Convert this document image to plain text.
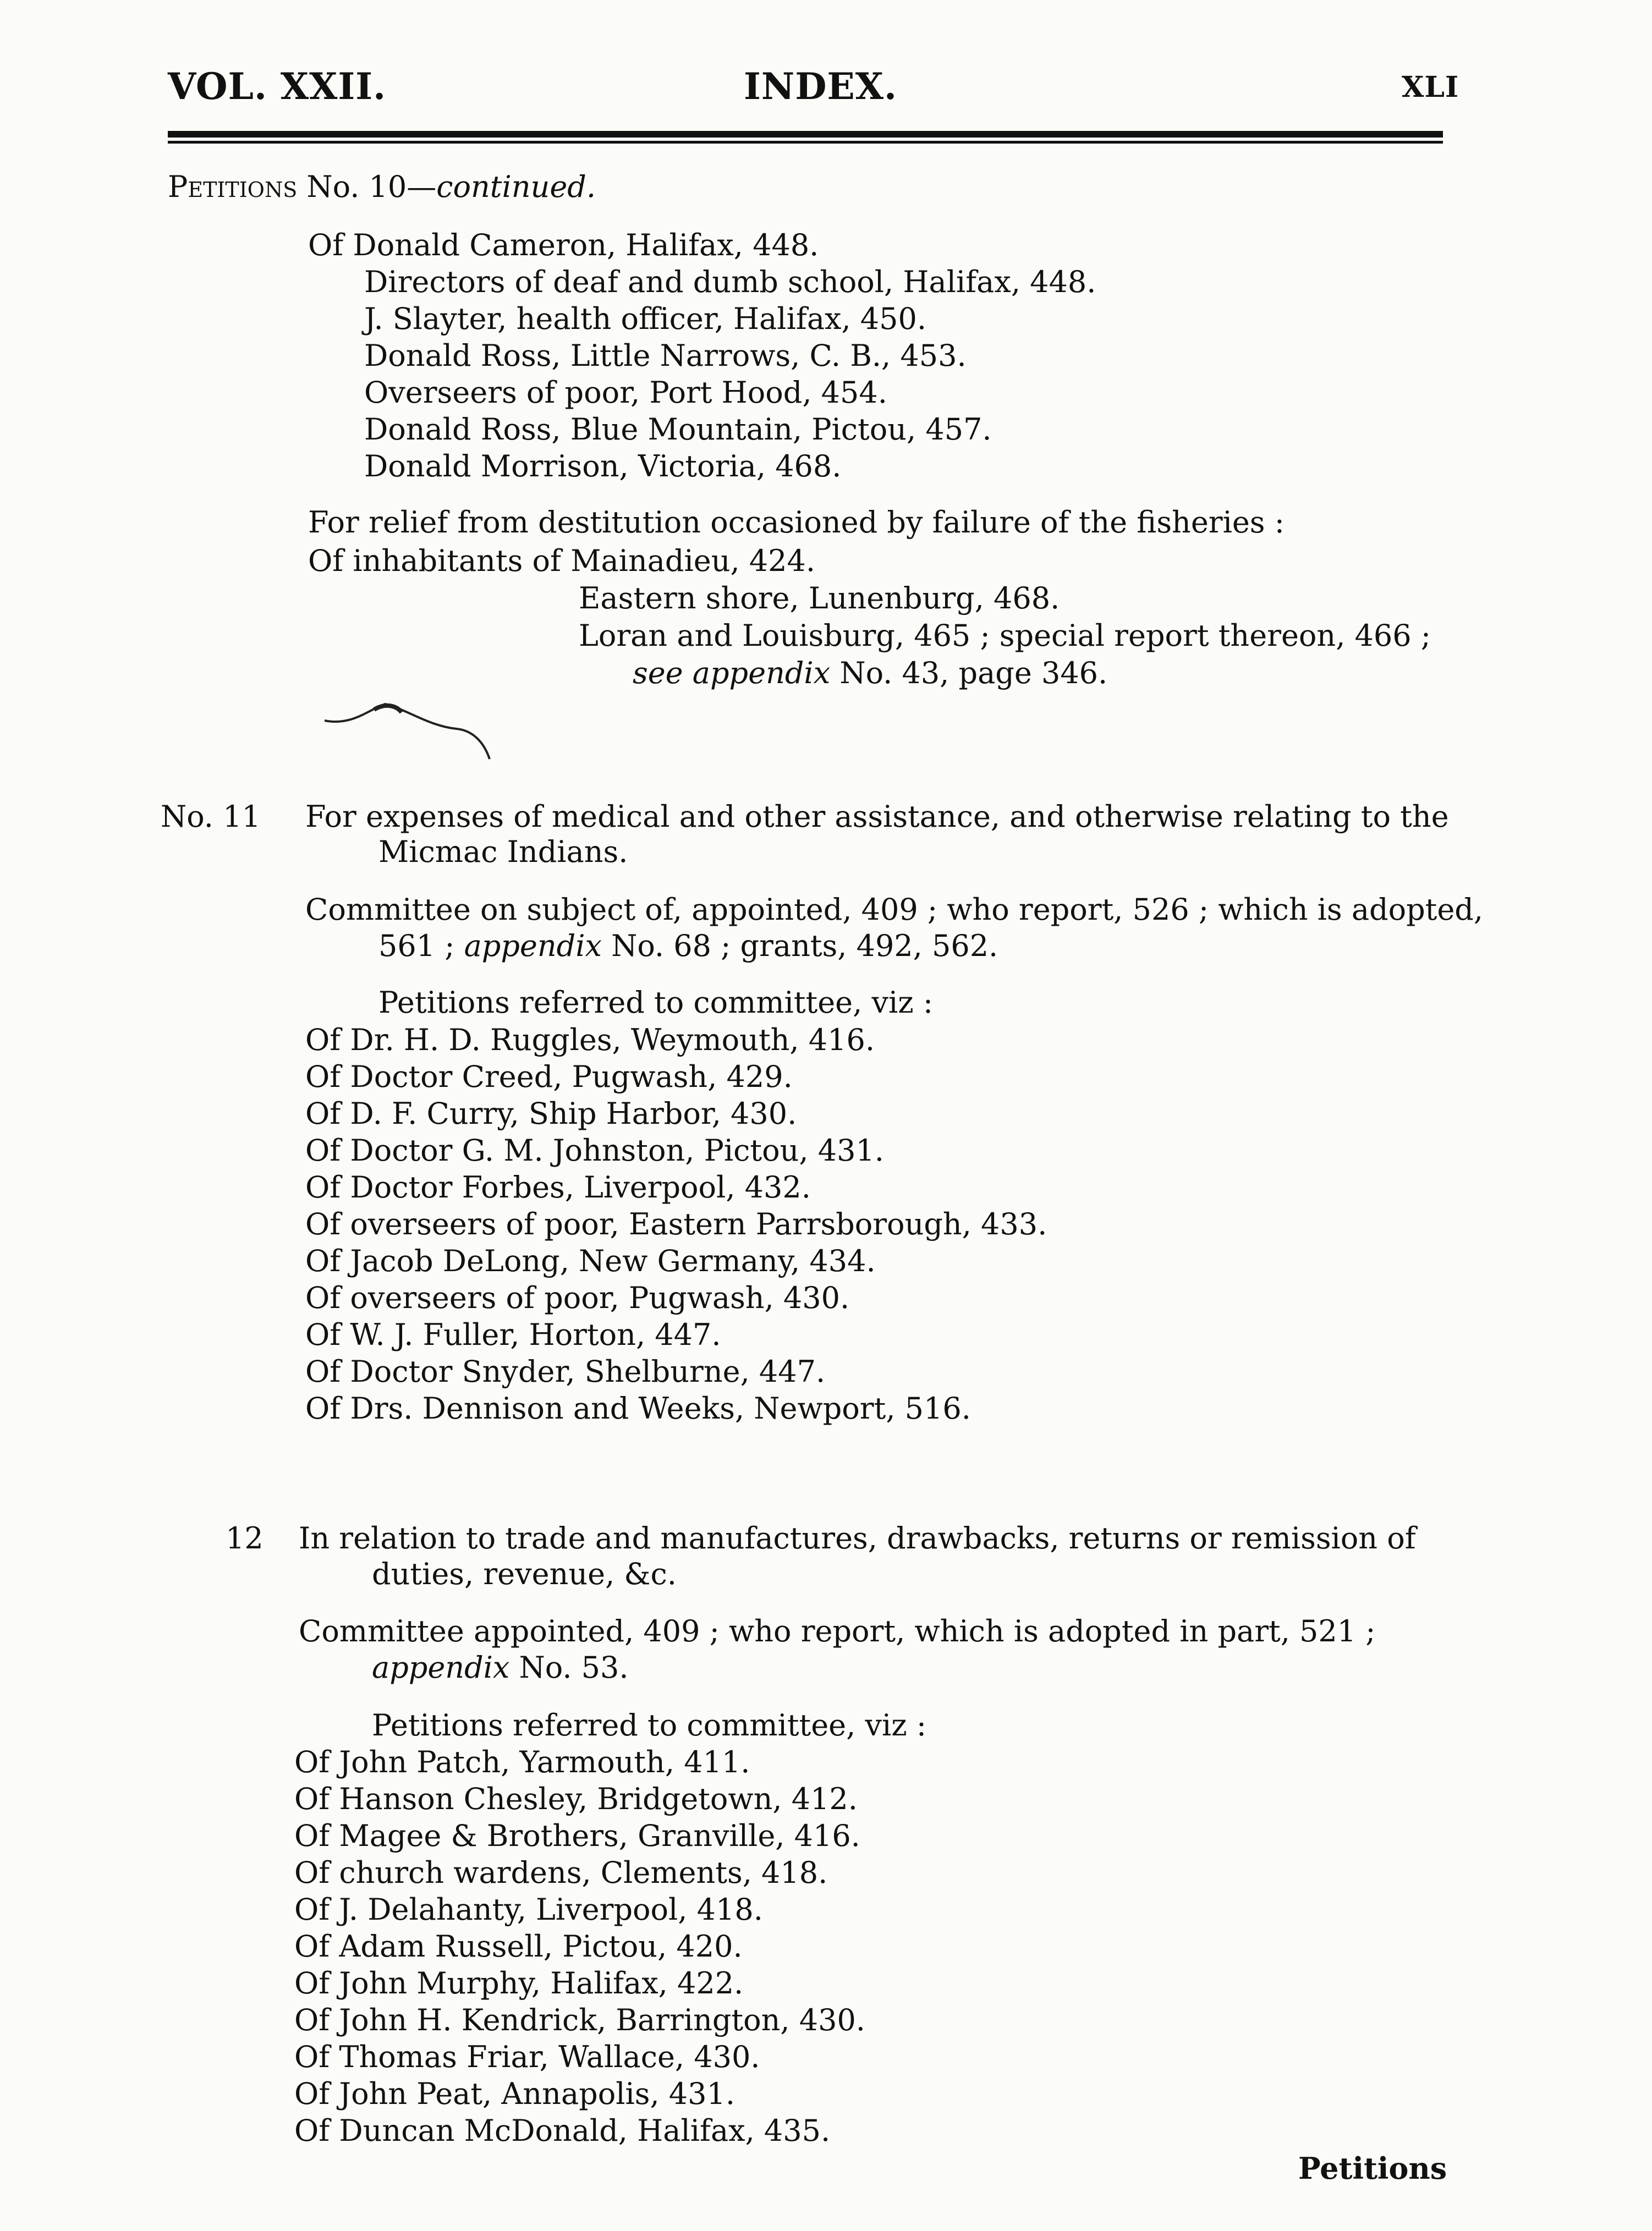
VOL. XXII.	INDEX.	XLI
Petitions No. 10—continued.
Of Donald Cameron, Halifax, 448.
Directors of deaf and dumb school, Halifax, 448.
J. Slayter, health officer, Halifax, 450.
Donald Ross, Little Narrows, C. B., 453.
Overseers of poor, Port Hood, 454.
Donald Ross, Blue Mountain, Pictou, 457.
Donald Morrison, Victoria, 468.
For relief from destitution occasioned by failure of the fisheries :
Of inhabitants of Mainadieu, 424.
Eastern shore, Lunenburg, 468.
Loran and Louisburg, 465 ; special report thereon, 466 ;
see appendix No. 43, page 346.
No. 11 For expenses of medical and other assistance, and otherwise relating to the
Micmac Indians.
Committee on subject of, appointed, 409 ; who report, 526 ; which is adopted,
561 ; appendix No. 68 ; grants, 492, 562.
Petitions referred to committee, viz :
Of Dr. H. D. Ruggles, Weymouth, 416.
Of Doctor Creed, Pugwash, 429.
Of D. F. Curry, Ship Harbor, 430.
Of Doctor G. M. Johnston, Pictou, 431.
Of Doctor Forbes, Liverpool, 432.
Of overseers of poor, Eastern Parrsborough, 433.
Of Jacob DeLong, New Germany, 434.
Of overseers of poor, Pugwash, 430.
Of W. J. Fuller, Horton, 447.
Of Doctor Snyder, Shelburne, 447.
Of Drs. Dennison and Weeks, Newport, 516.
12 In relation to trade and manufactures, drawbacks, returns or remission of
duties, revenue, &c.
Committee appointed, 409 ; who report, which is adopted in part, 521 ;
appendix No. 53.
Petitions referred to committee, viz :
Of John Patch, Yarmouth, 411.
Of Hanson Chesley, Bridgetown, 412.
Of Magee & Brothers, Granville, 416.
Of church wardens, Clements, 418.
Of J. Delahanty, Liverpool, 418.
Of Adam Russell, Pictou, 420.
Of John Murphy, Halifax, 422.
Of John H. Kendrick, Barrington, 430.
Of Thomas Friar, Wallace, 430.
Of John Peat, Annapolis, 431.
Of Duncan McDonald, Halifax, 435.
Petitions
